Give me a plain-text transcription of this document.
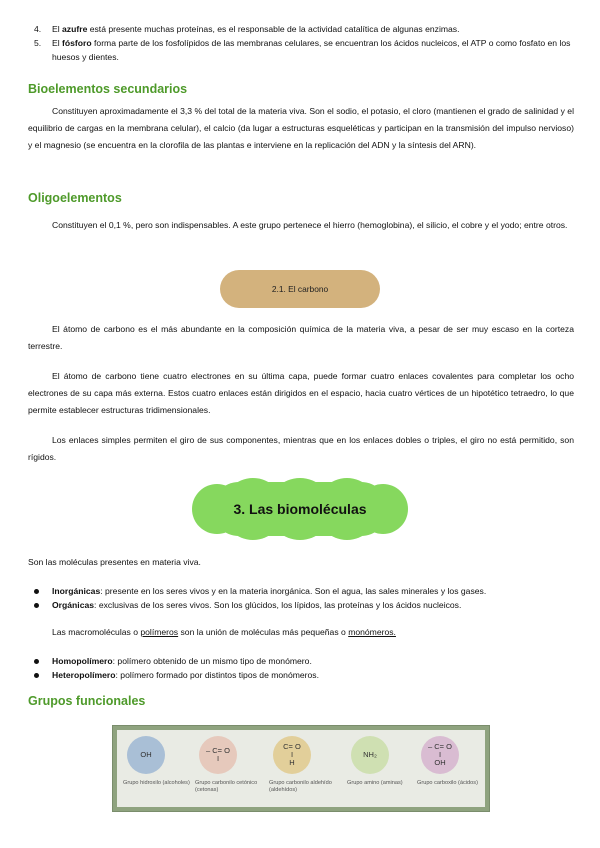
4. El azufre está presente muchas proteínas, es el responsable de la actividad catalítica de algunas enzimas.
5. El fósforo forma parte de los fosfolípidos de las membranas celulares, se encuentran los ácidos nucleicos, el ATP o como fosfato en los huesos y dientes.
Bioelementos secundarios

Constituyen aproximadamente el 3,3 % del total de la materia viva. Son el sodio, el potasio, el cloro (mantienen el grado de salinidad y el equilibrio de cargas en la membrana celular), el calcio (da lugar a estructuras esqueléticas y participan en la transmisión del impulso nervioso) y el magnesio (se encuentra en la clorofila de las plantas e interviene en la replicación del ADN y la síntesis del ARN).

Oligoelementos

Constituyen el 0,1 %, pero son indispensables. A este grupo pertenece el hierro (hemoglobina), el silicio, el cobre y el yodo; entre otros.

2.1. El carbono

El átomo de carbono es el más abundante en la composición química de la materia viva, a pesar de ser muy escaso en la corteza terrestre.

El átomo de carbono tiene cuatro electrones en su última capa, puede formar cuatro enlaces covalentes para completar los ocho electrones de su capa más externa. Estos cuatro enlaces están dirigidos en el espacio, hacia cuatro vértices de un hipotético tetraedro, lo que permite establecer estructuras tridimensionales.

Los enlaces simples permiten el giro de sus componentes, mientras que en los enlaces dobles o triples, el giro no está permitido, son rígidos.

3. Las biomoléculas

Son las moléculas presentes en materia viva.

Inorgánicas: presente en los seres vivos y en la materia inorgánica. Son el agua, las sales minerales y los gases.
Orgánicas: exclusivas de los seres vivos. Son los glúcidos, los lípidos, las proteínas y los ácidos nucleicos.

Las macromoléculas o polímeros son la unión de moléculas más pequeñas o monómeros.

Homopolímero: polímero obtenido de un mismo tipo de monómero.
Heteropolímero: polímero formado por distintos tipos de monómeros.
Grupos funcionales
OH
Grupo hidroxilo (alcoholes)
– C= O
I
Grupo carbonilo cetónico (cetonas)
C= O
I
H
Grupo carbonilo aldehído (aldehídos)
NH₂
Grupo amino (aminas)
– C= O
I
OH
Grupo carboxilo (ácidos)
